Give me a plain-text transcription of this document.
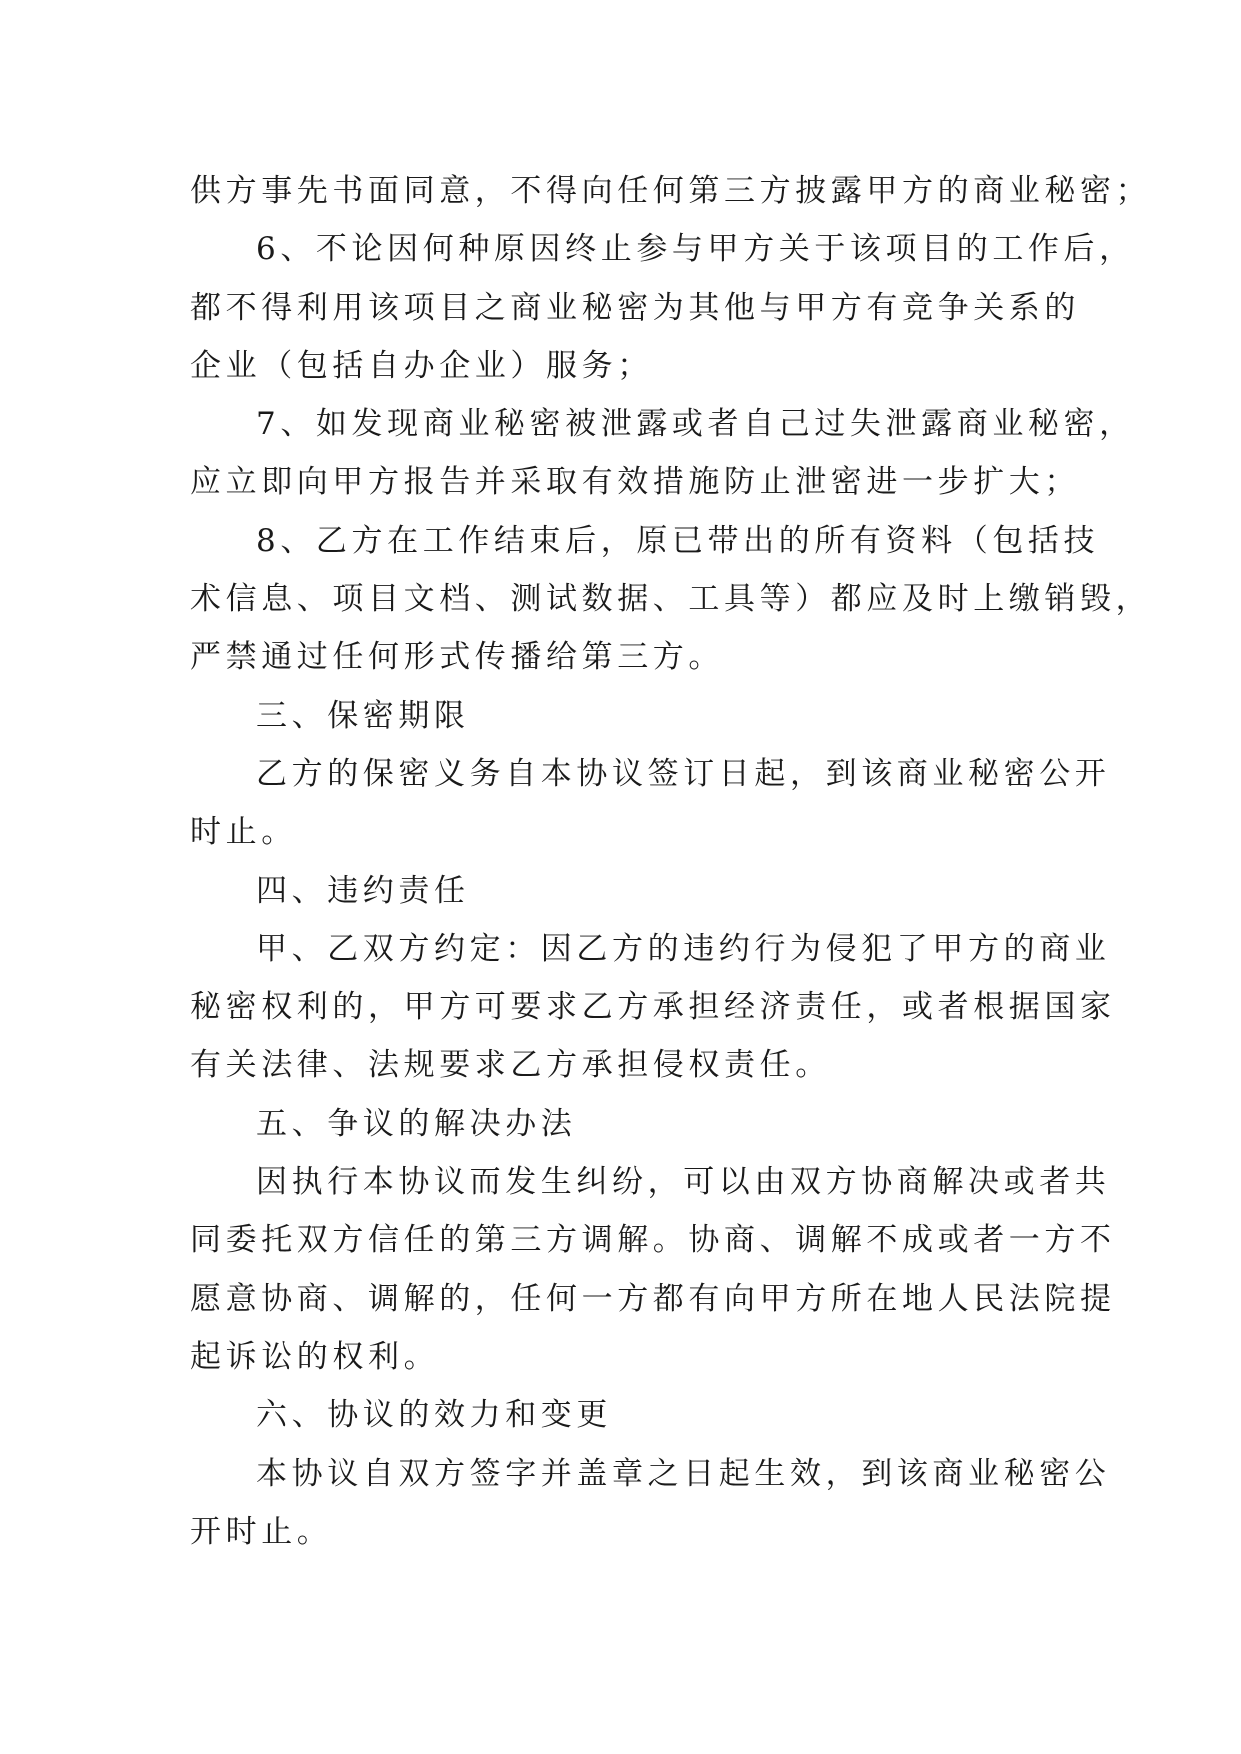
供方事先书面同意，不得向任何第三方披露甲方的商业秘密；
6、不论因何种原因终止参与甲方关于该项目的工作后，
都不得利用该项目之商业秘密为其他与甲方有竞争关系的
企业（包括自办企业）服务；
7、如发现商业秘密被泄露或者自己过失泄露商业秘密，
应立即向甲方报告并采取有效措施防止泄密进一步扩大；
8、乙方在工作结束后，原已带出的所有资料（包括技
术信息、项目文档、测试数据、工具等）都应及时上缴销毁，
严禁通过任何形式传播给第三方。
三、保密期限
乙方的保密义务自本协议签订日起，到该商业秘密公开
时止。
四、违约责任
甲、乙双方约定：因乙方的违约行为侵犯了甲方的商业
秘密权利的，甲方可要求乙方承担经济责任，或者根据国家
有关法律、法规要求乙方承担侵权责任。
五、争议的解决办法
因执行本协议而发生纠纷，可以由双方协商解决或者共
同委托双方信任的第三方调解。协商、调解不成或者一方不
愿意协商、调解的，任何一方都有向甲方所在地人民法院提
起诉讼的权利。
六、协议的效力和变更
本协议自双方签字并盖章之日起生效，到该商业秘密公
开时止。
